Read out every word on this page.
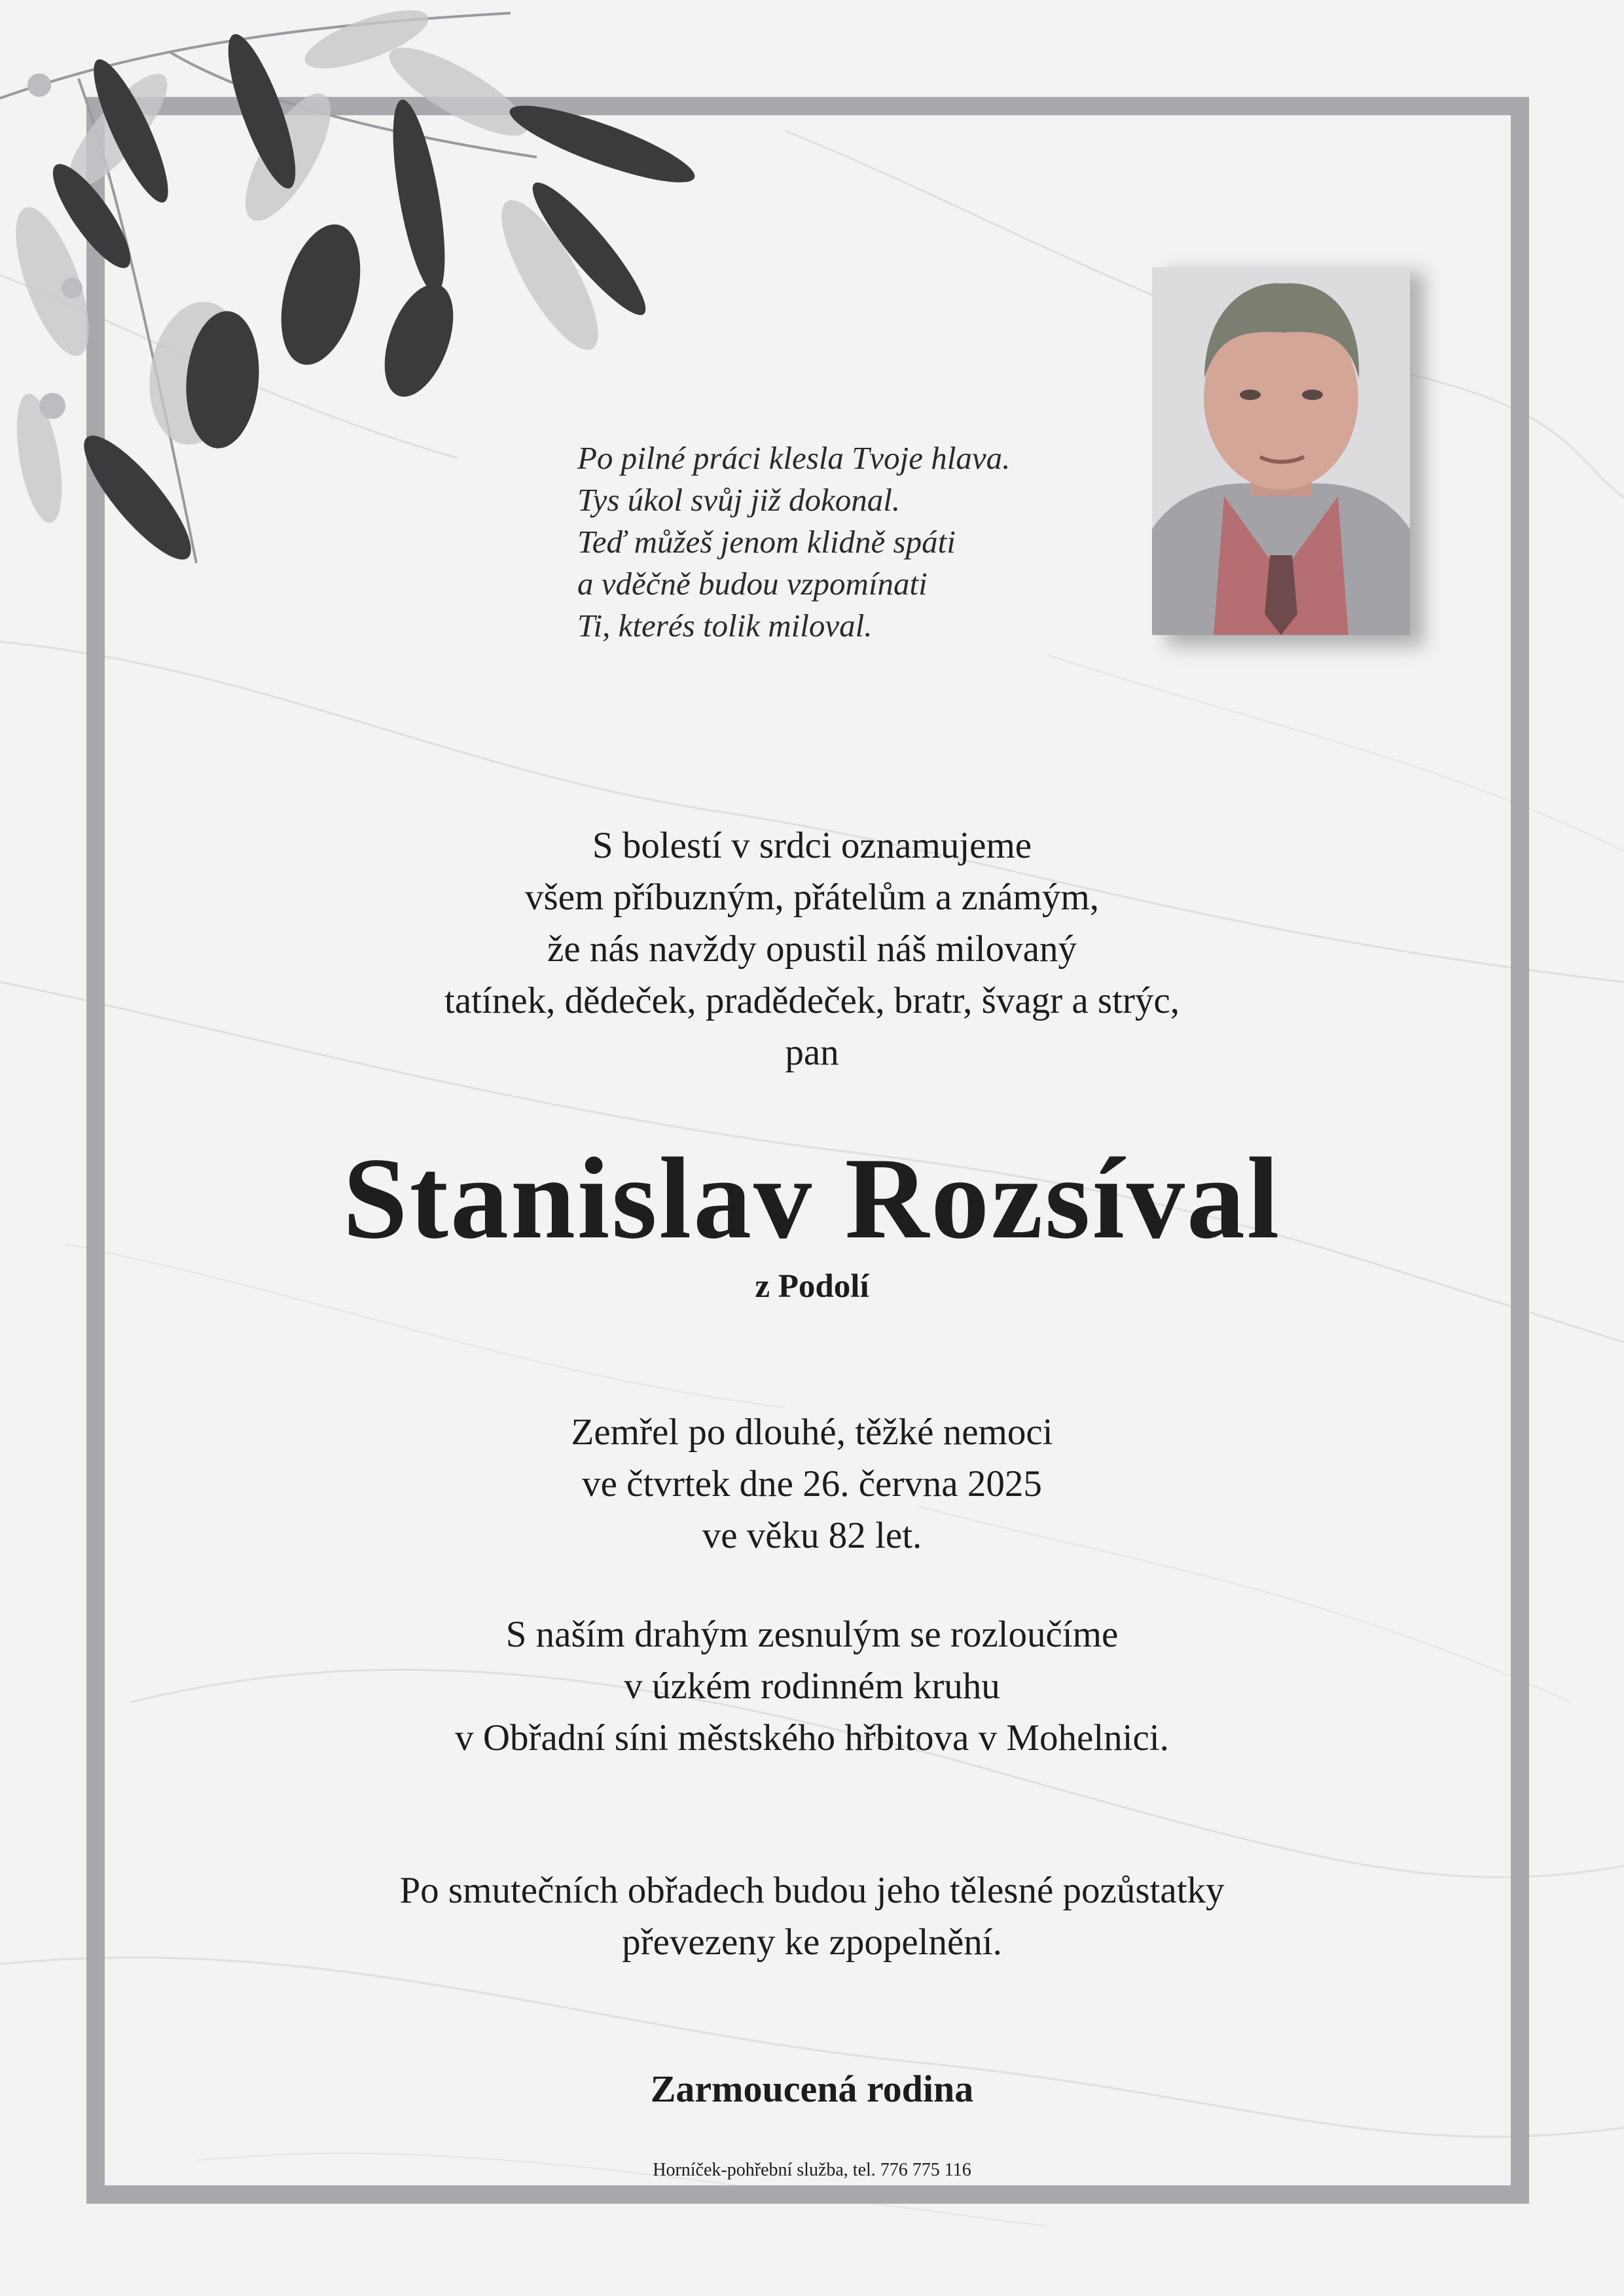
Po pilné práci klesla Tvoje hlava.
Tys úkol svůj již dokonal.
Teď můžeš jenom klidně spáti
a vděčně budou vzpomínati
Ti, kterés tolik miloval.
S bolestí v srdci oznamujeme
všem příbuzným, přátelům a známým,
že nás navždy opustil náš milovaný
tatínek, dědeček, pradědeček, bratr, švagr a strýc,
pan
Stanislav Rozsíval
z Podolí
Zemřel po dlouhé, těžké nemoci
ve čtvrtek dne 26. června 2025
ve věku 82 let.
S naším drahým zesnulým se rozloučíme
v úzkém rodinném kruhu
v Obřadní síni městského hřbitova v Mohelnici.
Po smutečních obřadech budou jeho tělesné pozůstatky
převezeny ke zpopelnění.
Zarmoucená rodina
Horníček-pohřební služba, tel. 776 775 116
